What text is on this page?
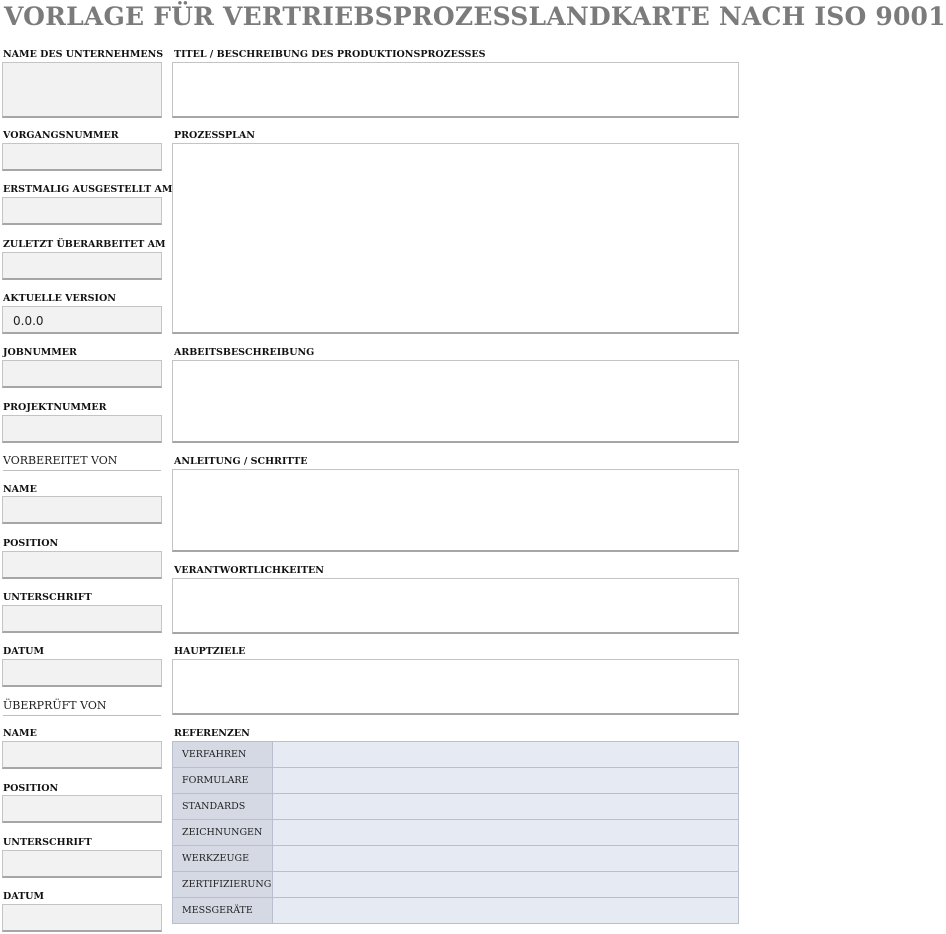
VORLAGE FÜR VERTRIEBSPROZESSLANDKARTE NACH ISO 9001
NAME DES UNTERNEHMENS
VORGANGSNUMMER
ERSTMALIG AUSGESTELLT AM
ZULETZT ÜBERARBEITET AM
AKTUELLE VERSION
0.0.0
JOBNUMMER
PROJEKTNUMMER
VORBEREITET VON
NAME
POSITION
UNTERSCHRIFT
DATUM
ÜBERPRÜFT VON
NAME
POSITION
UNTERSCHRIFT
DATUM
TITEL / BESCHREIBUNG DES PRODUKTIONSPROZESSES
PROZESSPLAN
ARBEITSBESCHREIBUNG
ANLEITUNG / SCHRITTE
VERANTWORTLICHKEITEN
HAUPTZIELE
REFERENZEN
VERFAHREN	
FORMULARE	
STANDARDS	
ZEICHNUNGEN	
WERKZEUGE	
ZERTIFIZIERUNG	
MESSGERÄTE	
